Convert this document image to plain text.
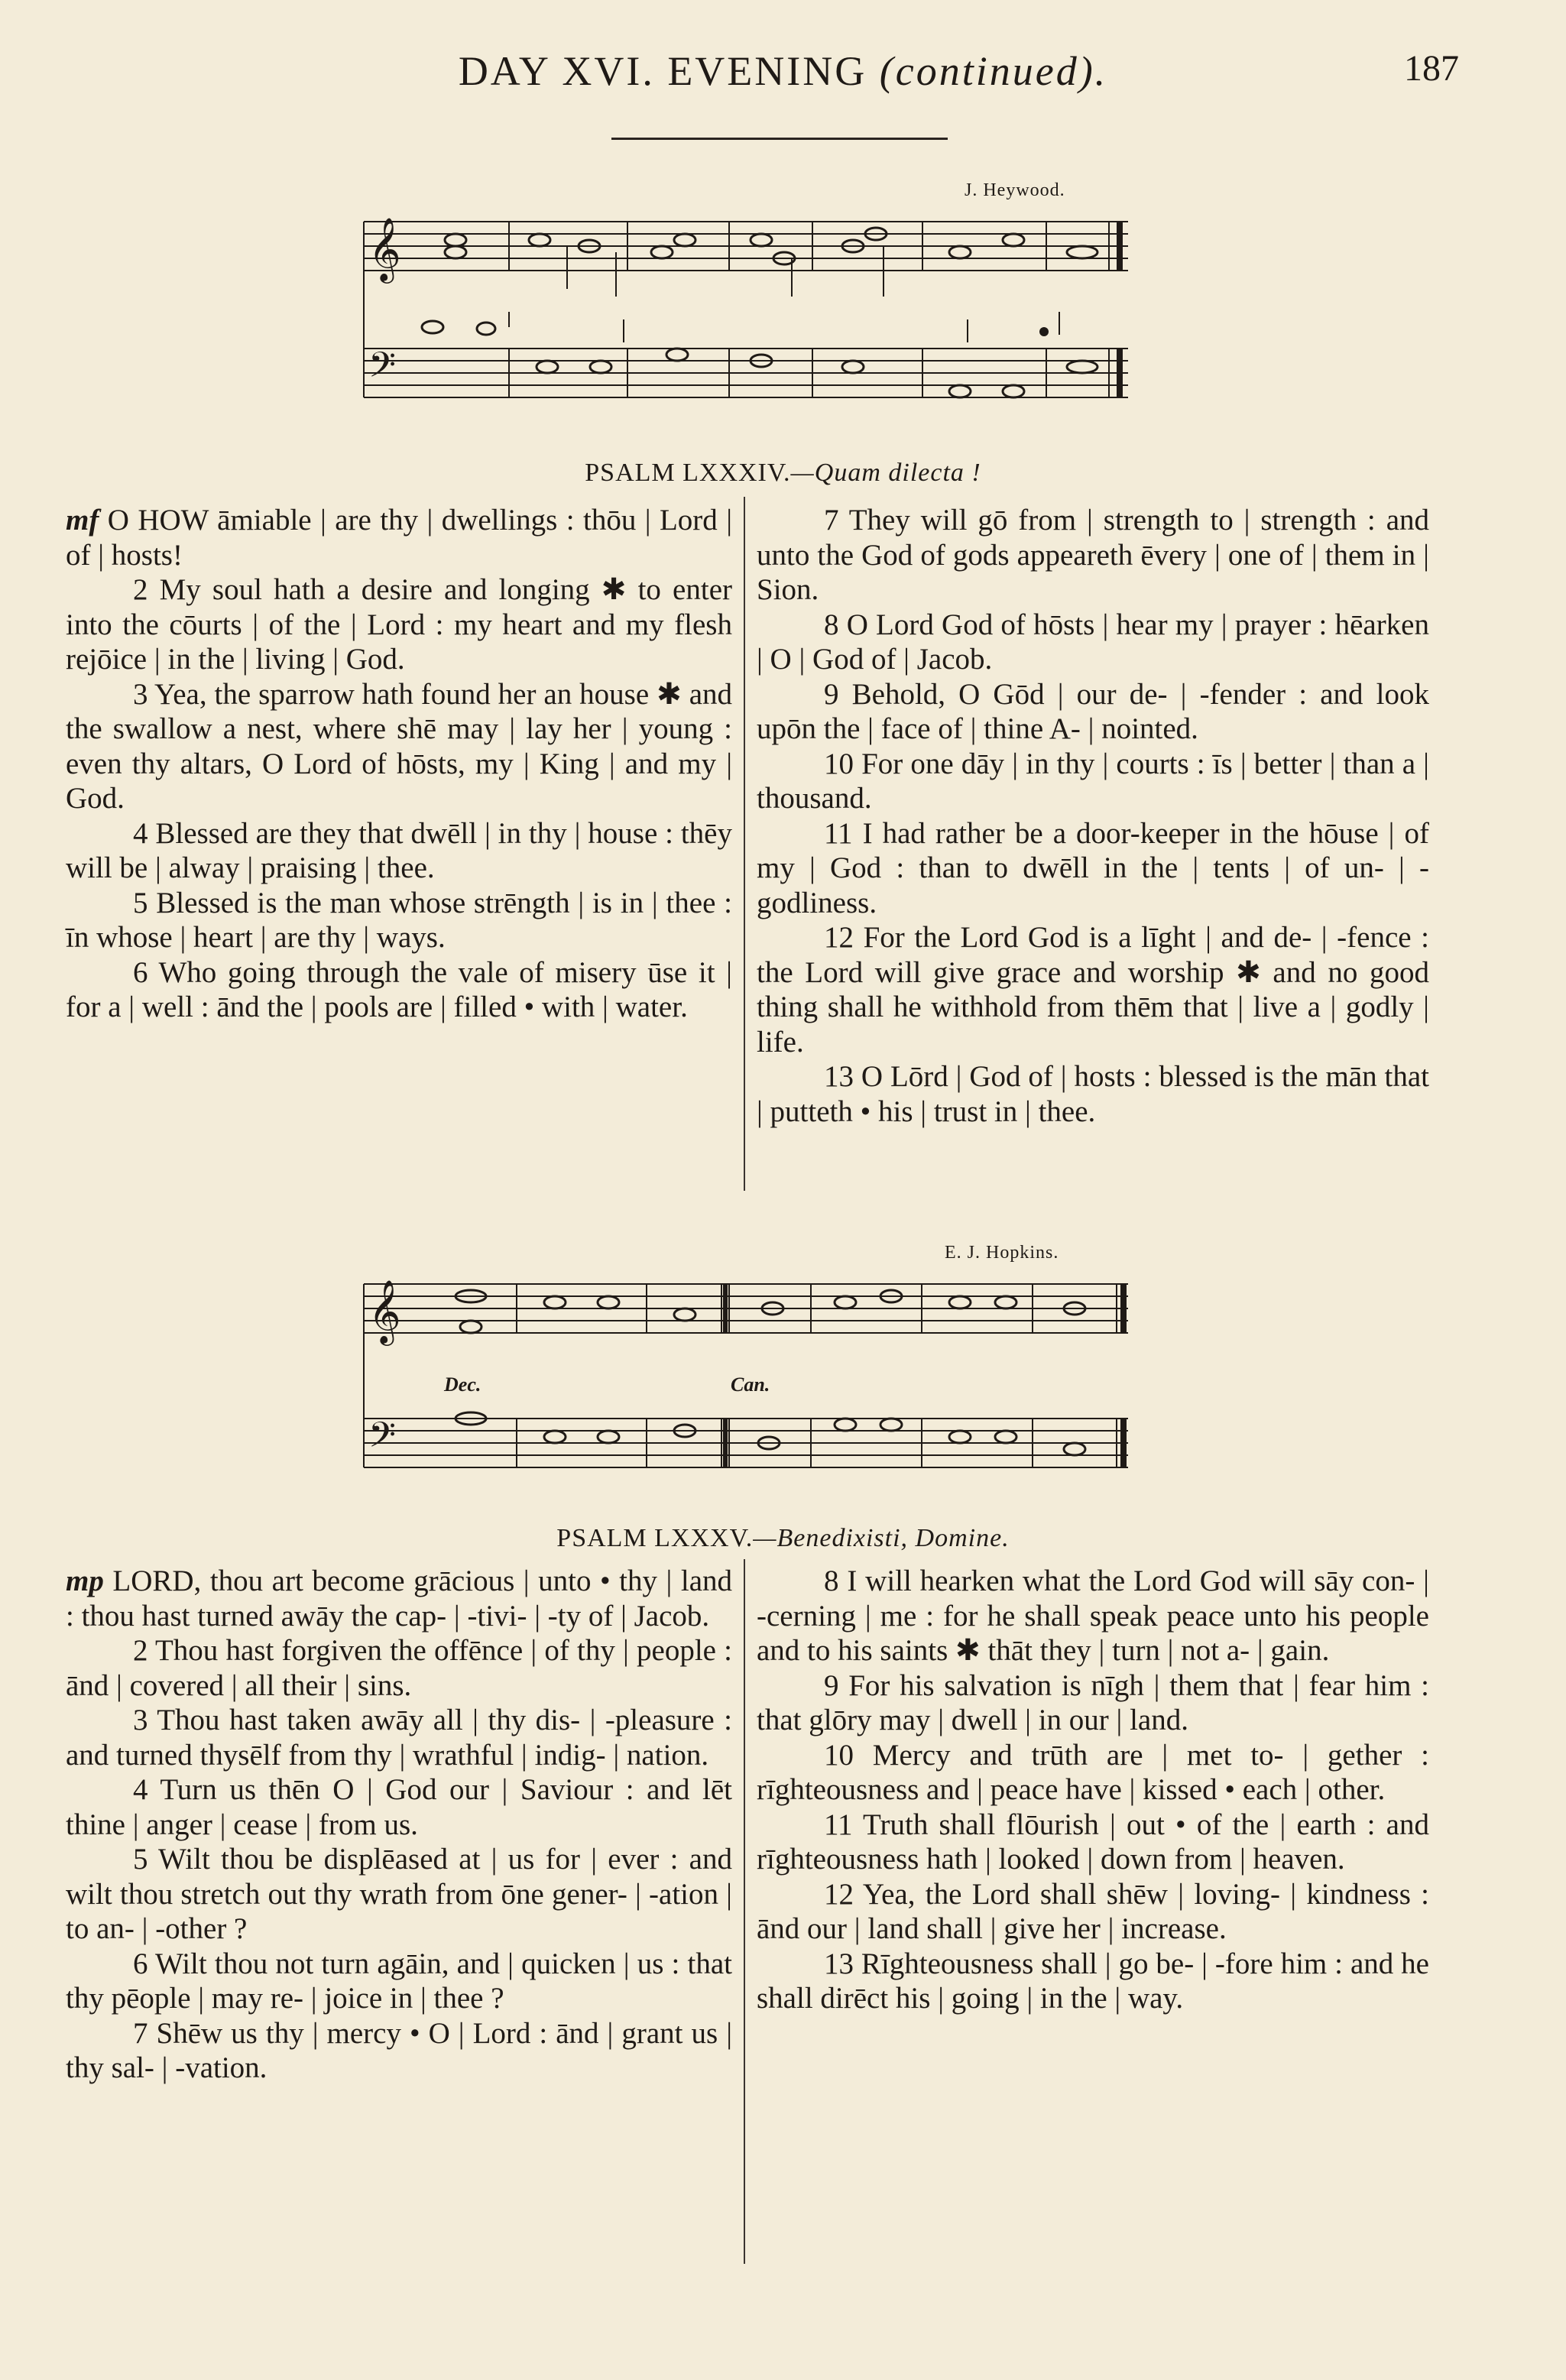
DAY XVI. EVENING (continued).	187
J. Heywood.
𝄞
𝄢
PSALM LXXXIV.—Quam dilecta !

mf O HOW āmiable | are thy | dwellings : thōu | Lord | of | hosts!

2 My soul hath a desire and longing ✱ to enter into the cōurts | of the | Lord : my heart and my flesh rejōice | in the | living | God.

3 Yea, the sparrow hath found her an house ✱ and the swallow a nest, where shē may | lay her | young : even thy altars, O Lord of hōsts, my | King | and my | God.

4 Blessed are they that dwēll | in thy | house : thēy will be | alway | praising | thee.

5 Blessed is the man whose strēngth | is in | thee : īn whose | heart | are thy | ways.

6 Who going through the vale of misery ūse it | for a | well : ānd the | pools are | filled • with | water.

7 They will gō from | strength to | strength : and unto the God of gods appeareth ēvery | one of | them in | Sion.

8 O Lord God of hōsts | hear my | prayer : hēarken | O | God of | Jacob.

9 Behold, O Gōd | our de- | -fender : and look upōn the | face of | thine A- | nointed.

10 For one dāy | in thy | courts : īs | better | than a | thousand.

11 I had rather be a door-keeper in the hōuse | of my | God : than to dwēll in the | tents | of un- | -godliness.

12 For the Lord God is a līght | and de- | -fence : the Lord will give grace and worship ✱ and no good thing shall he withhold from thēm that | live a | godly | life.

13 O Lōrd | God of | hosts : blessed is the mān that | putteth • his | trust in | thee.

E. J. Hopkins.
𝄞
𝄢
Dec.	Can.
PSALM LXXXV.—Benedixisti, Domine.

mp LORD, thou art become grācious | unto • thy | land : thou hast turned awāy the cap- | -tivi- | -ty of | Jacob.

2 Thou hast forgiven the offēnce | of thy | people : ānd | covered | all their | sins.

3 Thou hast taken awāy all | thy dis- | -pleasure : and turned thysēlf from thy | wrathful | indig- | nation.

4 Turn us thēn O | God our | Saviour : and lēt thine | anger | cease | from us.

5 Wilt thou be displēased at | us for | ever : and wilt thou stretch out thy wrath from ōne gener- | -ation | to an- | -other ?

6 Wilt thou not turn agāin, and | quicken | us : that thy pēople | may re- | joice in | thee ?

7 Shēw us thy | mercy • O | Lord : ānd | grant us | thy sal- | -vation.

8 I will hearken what the Lord God will sāy con- | -cerning | me : for he shall speak peace unto his people and to his saints ✱ thāt they | turn | not a- | gain.

9 For his salvation is nīgh | them that | fear him : that glōry may | dwell | in our | land.

10 Mercy and trūth are | met to- | gether : rīghteousness and | peace have | kissed • each | other.

11 Truth shall flōurish | out • of the | earth : and rīghteousness hath | looked | down from | heaven.

12 Yea, the Lord shall shēw | loving- | kindness : ānd our | land shall | give her | increase.

13 Rīghteousness shall | go be- | -fore him : and he shall dirēct his | going | in the | way.
